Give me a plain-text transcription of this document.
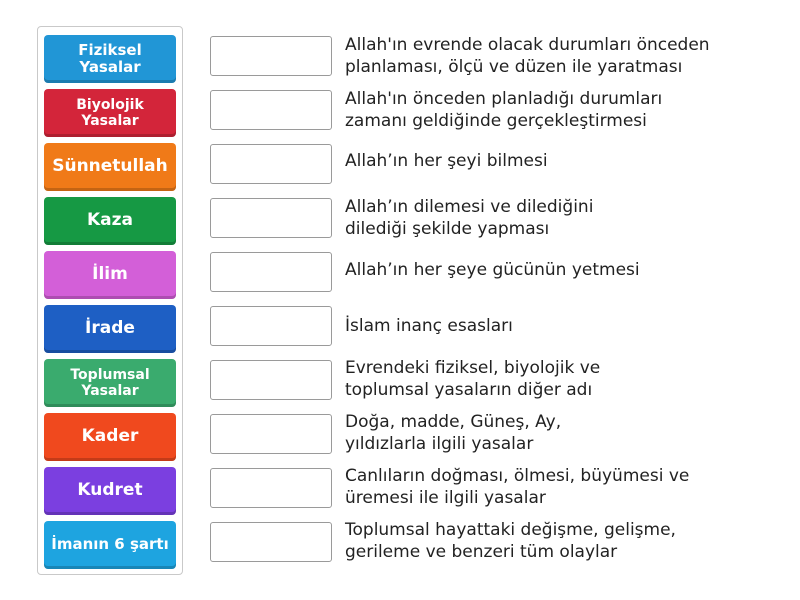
Fiziksel Yasalar
Biyolojik Yasalar
Sünnetullah
Kaza
İlim
İrade
Toplumsal Yasalar
Kader
Kudret
İmanın 6 şartı
Allah'ın evrende olacak durumları önceden planlaması, ölçü ve düzen ile yaratması
Allah'ın önceden planladığı durumları zamanı geldiğinde gerçekleştirmesi
Allah’ın her şeyi bilmesi
Allah’ın dilemesi ve dilediğini dilediği şekilde yapması
Allah’ın her şeye gücünün yetmesi
İslam inanç esasları
Evrendeki fiziksel, biyolojik ve toplumsal yasaların diğer adı
Doğa, madde, Güneş, Ay, yıldızlarla ilgili yasalar
Canlıların doğması, ölmesi, büyümesi ve üremesi ile ilgili yasalar
Toplumsal hayattaki değişme, gelişme, gerileme ve benzeri tüm olaylar
